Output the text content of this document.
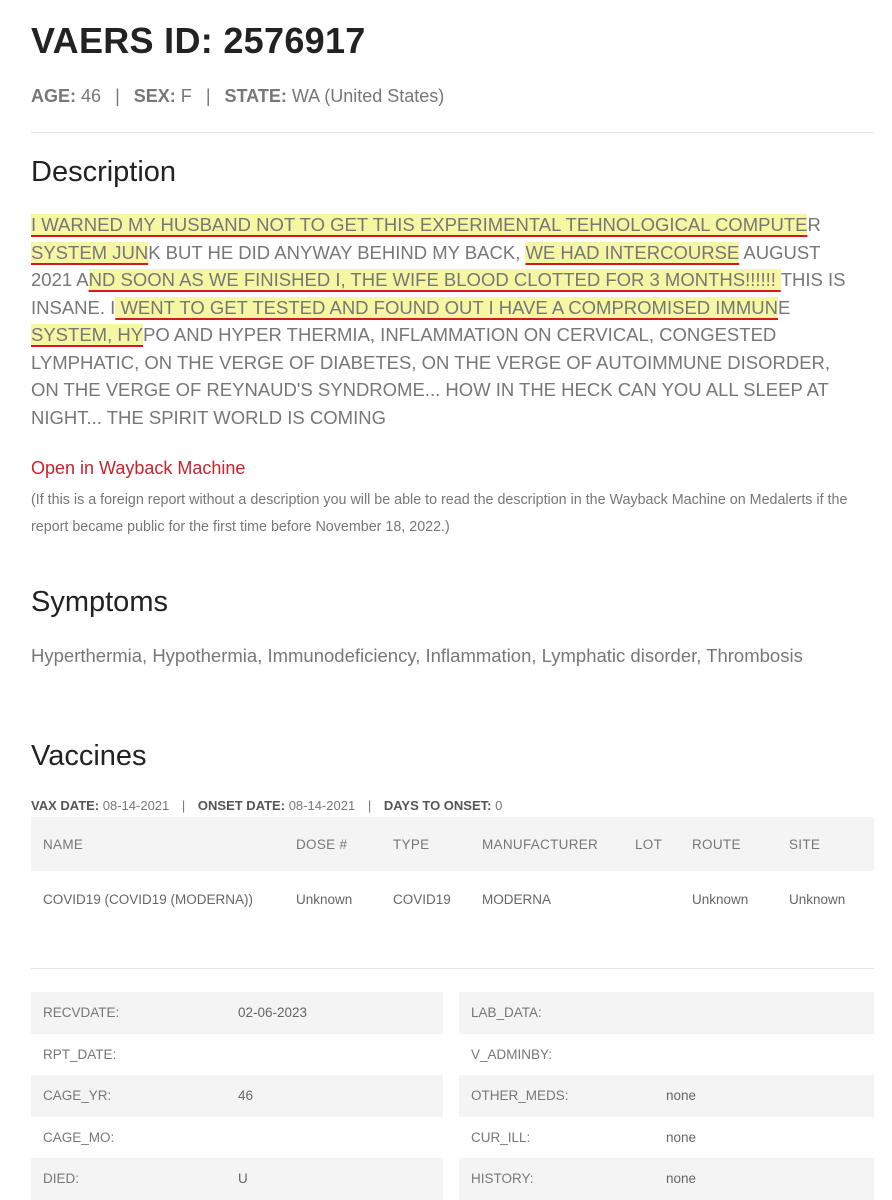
VAERS ID: 2576917
AGE: 46 | SEX: F | STATE: WA (United States)
Description

I WARNED MY HUSBAND NOT TO GET THIS EXPERIMENTAL TEHNOLOGICAL COMPUTER SYSTEM JUNK BUT HE DID ANYWAY BEHIND MY BACK, WE HAD INTERCOURSE AUGUST 2021 AND SOON AS WE FINISHED I, THE WIFE BLOOD CLOTTED FOR 3 MONTHS!!!!!! THIS IS INSANE. I WENT TO GET TESTED AND FOUND OUT I HAVE A COMPROMISED IMMUNE SYSTEM, HYPO AND HYPER THERMIA, INFLAMMATION ON CERVICAL, CONGESTED LYMPHATIC, ON THE VERGE OF DIABETES, ON THE VERGE OF AUTOIMMUNE DISORDER, ON THE VERGE OF REYNAUD'S SYNDROME... HOW IN THE HECK CAN YOU ALL SLEEP AT NIGHT... THE SPIRIT WORLD IS COMING

Open in Wayback Machine

(If this is a foreign report without a description you will be able to read the description in the Wayback Machine on Medalerts if the report became public for the first time before November 18, 2022.)

Symptoms

Hyperthermia, Hypothermia, Immunodeficiency, Inflammation, Lymphatic disorder, Thrombosis

Vaccines
VAX DATE: 08-14-2021 | ONSET DATE: 08-14-2021 | DAYS TO ONSET: 0
NAME	DOSE #	TYPE	MANUFACTURER	LOT	ROUTE	SITE
COVID19 (COVID19 (MODERNA))	Unknown	COVID19	MODERNA		Unknown	Unknown
RECVDATE:	02-06-2023
RPT_DATE:
CAGE_YR:	46
CAGE_MO:
DIED:	U
LAB_DATA:
V_ADMINBY:
OTHER_MEDS:	none
CUR_ILL:	none
HISTORY:	none
